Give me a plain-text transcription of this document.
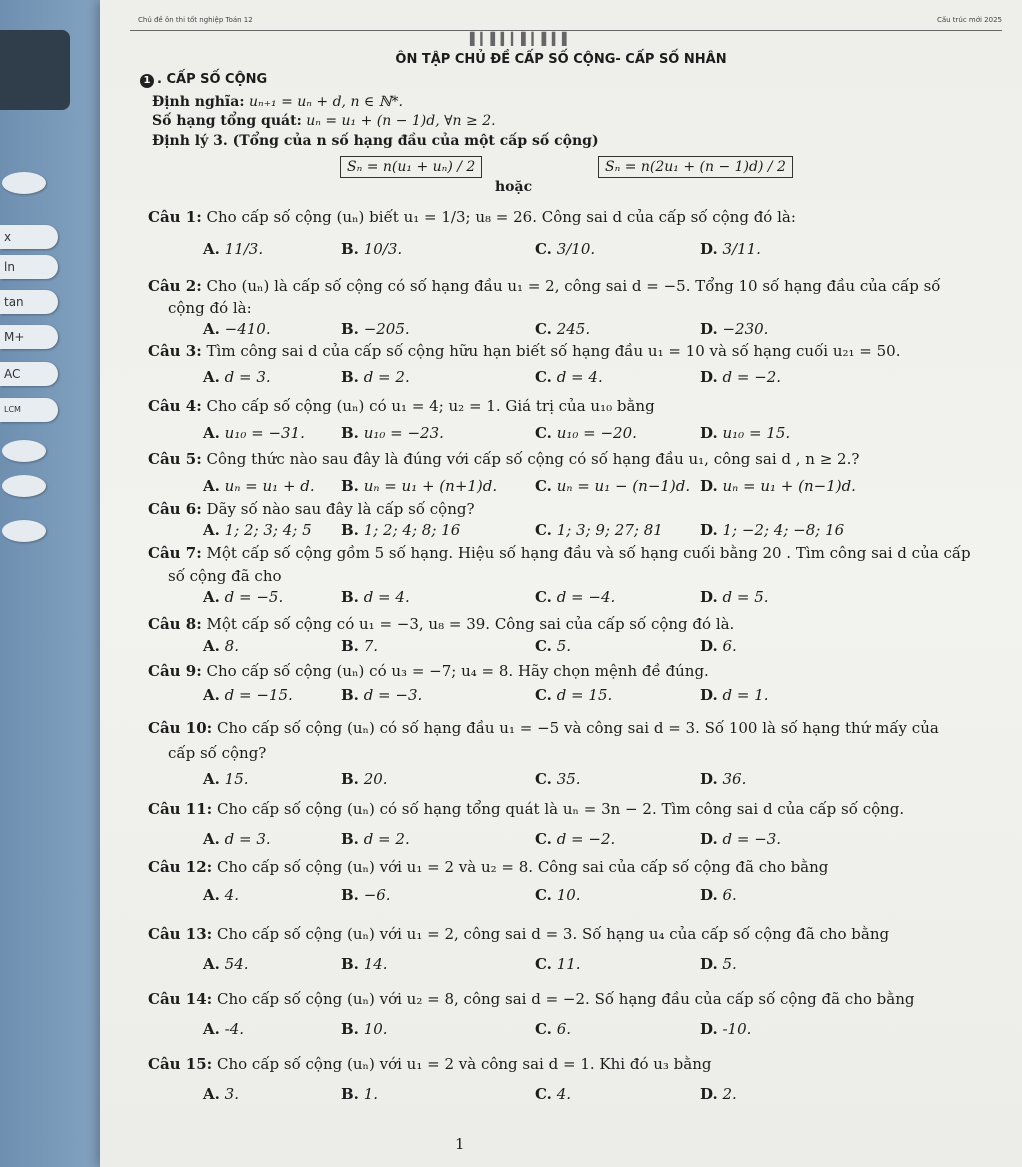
x
ln
tan
M+
AC
LCM
Chủ đề ôn thi tốt nghiệp Toán 12	Cấu trúc mới 2025
▌▎▌▍▎▌▎▌▍▌
ÔN TẬP CHỦ ĐỀ CẤP SỐ CỘNG- CẤP SỐ NHÂN
1 . CẤP SỐ CỘNG
Định nghĩa: uₙ₊₁ = uₙ + d, n ∈ ℕ*.
Số hạng tổng quát: uₙ = u₁ + (n − 1)d, ∀n ≥ 2.
Định lý 3. (Tổng của n số hạng đầu của một cấp số cộng)
Sₙ = n(u₁ + uₙ) / 2
hoặc
Sₙ = n(2u₁ + (n − 1)d) / 2
Câu 1: Cho cấp số cộng (uₙ) biết u₁ = 1/3; u₈ = 26. Công sai d của cấp số cộng đó là:
A. 11/3.	B. 10/3.	C. 3/10.	D. 3/11.
Câu 2: Cho (uₙ) là cấp số cộng có số hạng đầu u₁ = 2, công sai d = −5. Tổng 10 số hạng đầu của cấp số
cộng đó là:
A. −410.	B. −205.	C. 245.	D. −230.
Câu 3: Tìm công sai d của cấp số cộng hữu hạn biết số hạng đầu u₁ = 10 và số hạng cuối u₂₁ = 50.
A. d = 3.	B. d = 2.	C. d = 4.	D. d = −2.
Câu 4: Cho cấp số cộng (uₙ) có u₁ = 4; u₂ = 1. Giá trị của u₁₀ bằng
A. u₁₀ = −31. B. u₁₀ = −23.	C. u₁₀ = −20.	D. u₁₀ = 15.
Câu 5: Công thức nào sau đây là đúng với cấp số cộng có số hạng đầu u₁, công sai d , n ≥ 2.?
A. uₙ = u₁ + d. B. uₙ = u₁ + (n+1)d.	C. uₙ = u₁ − (n−1)d. D. uₙ = u₁ + (n−1)d.
Câu 6: Dãy số nào sau đây là cấp số cộng?
A. 1; 2; 3; 4; 5 B. 1; 2; 4; 8; 16	C. 1; 3; 9; 27; 81 D. 1; −2; 4; −8; 16
Câu 7: Một cấp số cộng gồm 5 số hạng. Hiệu số hạng đầu và số hạng cuối bằng 20 . Tìm công sai d của cấp
số cộng đã cho
A. d = −5.	B. d = 4.	C. d = −4.	D. d = 5.
Câu 8: Một cấp số cộng có u₁ = −3, u₈ = 39. Công sai của cấp số cộng đó là.
A. 8.	B. 7.	C. 5.	D. 6.
Câu 9: Cho cấp số cộng (uₙ) có u₃ = −7; u₄ = 8. Hãy chọn mệnh đề đúng.
A. d = −15.	B. d = −3.	C. d = 15.	D. d = 1.
Câu 10: Cho cấp số cộng (uₙ) có số hạng đầu u₁ = −5 và công sai d = 3. Số 100 là số hạng thứ mấy của
cấp số cộng?
A. 15.	B. 20.	C. 35.	D. 36.
Câu 11: Cho cấp số cộng (uₙ) có số hạng tổng quát là uₙ = 3n − 2. Tìm công sai d của cấp số cộng.
A. d = 3.	B. d = 2.	C. d = −2.	D. d = −3.
Câu 12: Cho cấp số cộng (uₙ) với u₁ = 2 và u₂ = 8. Công sai của cấp số cộng đã cho bằng
A. 4.	B. −6.	C. 10.	D. 6.
Câu 13: Cho cấp số cộng (uₙ) với u₁ = 2, công sai d = 3. Số hạng u₄ của cấp số cộng đã cho bằng
A. 54.	B. 14.	C. 11.	D. 5.
Câu 14: Cho cấp số cộng (uₙ) với u₂ = 8, công sai d = −2. Số hạng đầu của cấp số cộng đã cho bằng
A. -4.	B. 10.	C. 6.	D. -10.
Câu 15: Cho cấp số cộng (uₙ) với u₁ = 2 và công sai d = 1. Khi đó u₃ bằng
A. 3.	B. 1.	C. 4.	D. 2.
1
